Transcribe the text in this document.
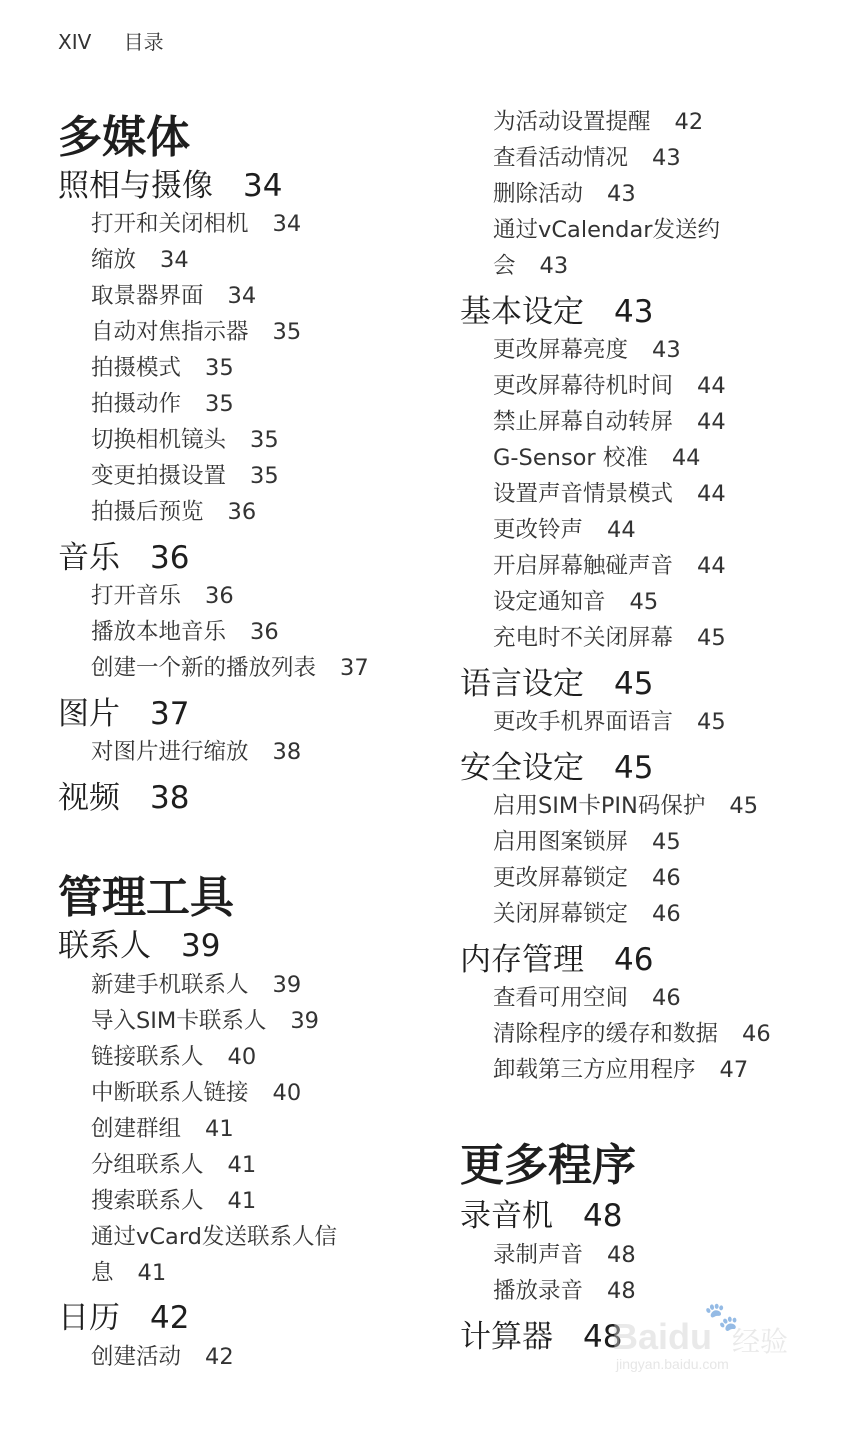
XIV 目录
多媒体
照相与摄像 34
打开和关闭相机 34
缩放 34
取景器界面 34
自动对焦指示器 35
拍摄模式 35
拍摄动作 35
切换相机镜头 35
变更拍摄设置 35
拍摄后预览 36
音乐 36
打开音乐 36
播放本地音乐 36
创建一个新的播放列表 37
图片 37
对图片进行缩放 38
视频 38
管理工具
联系人 39
新建手机联系人 39
导入SIM卡联系人 39
链接联系人 40
中断联系人链接 40
创建群组 41
分组联系人 41
搜索联系人 41
通过vCard发送联系人信
息 41
日历 42
创建活动 42
为活动设置提醒 42
查看活动情况 43
删除活动 43
通过vCalendar发送约
会 43
基本设定 43
更改屏幕亮度 43
更改屏幕待机时间 44
禁止屏幕自动转屏 44
G-Sensor 校准 44
设置声音情景模式 44
更改铃声 44
开启屏幕触碰声音 44
设定通知音 45
充电时不关闭屏幕 45
语言设定 45
更改手机界面语言 45
安全设定 45
启用SIM卡PIN码保护 45
启用图案锁屏 45
更改屏幕锁定 46
关闭屏幕锁定 46
内存管理 46
查看可用空间 46
清除程序的缓存和数据 46
卸载第三方应用程序 47
更多程序
录音机 48
录制声音 48
播放录音 48
计算器 48
🐾
Baidu 经验
jingyan.baidu.com
